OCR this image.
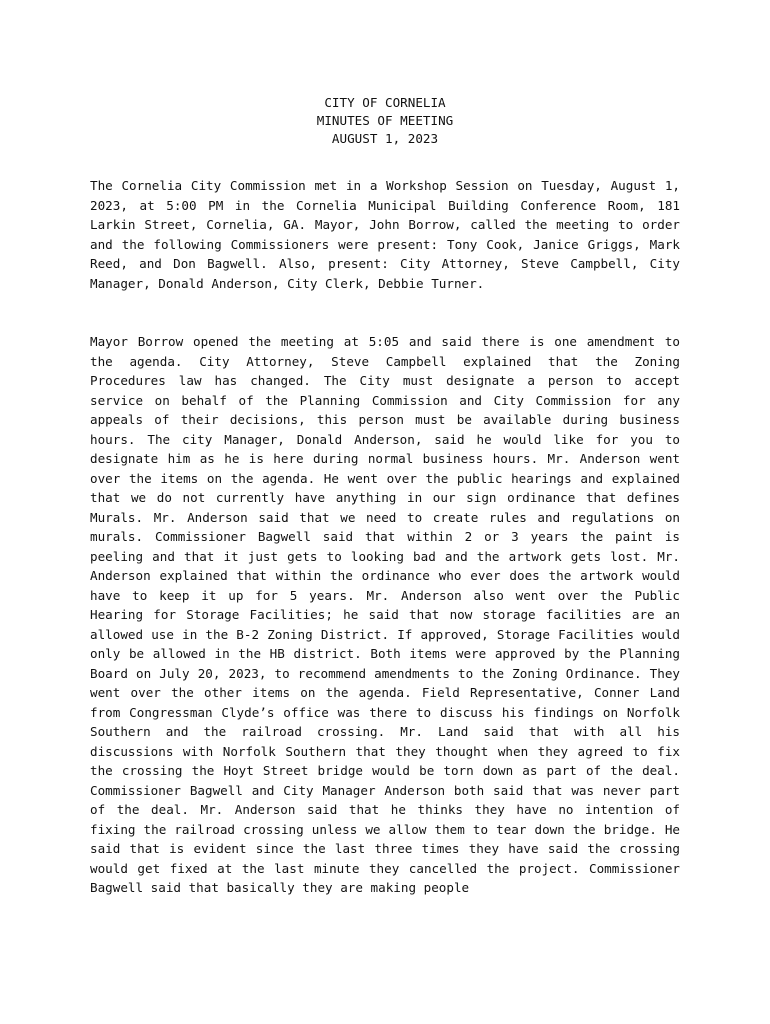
CITY OF CORNELIA
MINUTES OF MEETING
AUGUST 1, 2023

The Cornelia City Commission met in a Workshop Session on Tuesday, August 1, 2023, at 5:00 PM in the Cornelia Municipal Building Conference Room, 181 Larkin Street, Cornelia, GA. Mayor, John Borrow, called the meeting to order and the following Commissioners were present: Tony Cook, Janice Griggs, Mark Reed, and Don Bagwell. Also, present: City Attorney, Steve Campbell, City Manager, Donald Anderson, City Clerk, Debbie Turner.

Mayor Borrow opened the meeting at 5:05 and said there is one amendment to the agenda. City Attorney, Steve Campbell explained that the Zoning Procedures law has changed. The City must designate a person to accept service on behalf of the Planning Commission and City Commission for any appeals of their decisions, this person must be available during business hours. The city Manager, Donald Anderson, said he would like for you to designate him as he is here during normal business hours. Mr. Anderson went over the items on the agenda. He went over the public hearings and explained that we do not currently have anything in our sign ordinance that defines Murals. Mr. Anderson said that we need to create rules and regulations on murals. Commissioner Bagwell said that within 2 or 3 years the paint is peeling and that it just gets to looking bad and the artwork gets lost. Mr. Anderson explained that within the ordinance who ever does the artwork would have to keep it up for 5 years. Mr. Anderson also went over the Public Hearing for Storage Facilities; he said that now storage facilities are an allowed use in the B-2 Zoning District. If approved, Storage Facilities would only be allowed in the HB district. Both items were approved by the Planning Board on July 20, 2023, to recommend amendments to the Zoning Ordinance. They went over the other items on the agenda. Field Representative, Conner Land from Congressman Clyde’s office was there to discuss his findings on Norfolk Southern and the railroad crossing. Mr. Land said that with all his discussions with Norfolk Southern that they thought when they agreed to fix the crossing the Hoyt Street bridge would be torn down as part of the deal. Commissioner Bagwell and City Manager Anderson both said that was never part of the deal. Mr. Anderson said that he thinks they have no intention of fixing the railroad crossing unless we allow them to tear down the bridge. He said that is evident since the last three times they have said the crossing would get fixed at the last minute they cancelled the project. Commissioner Bagwell said that basically they are making people
